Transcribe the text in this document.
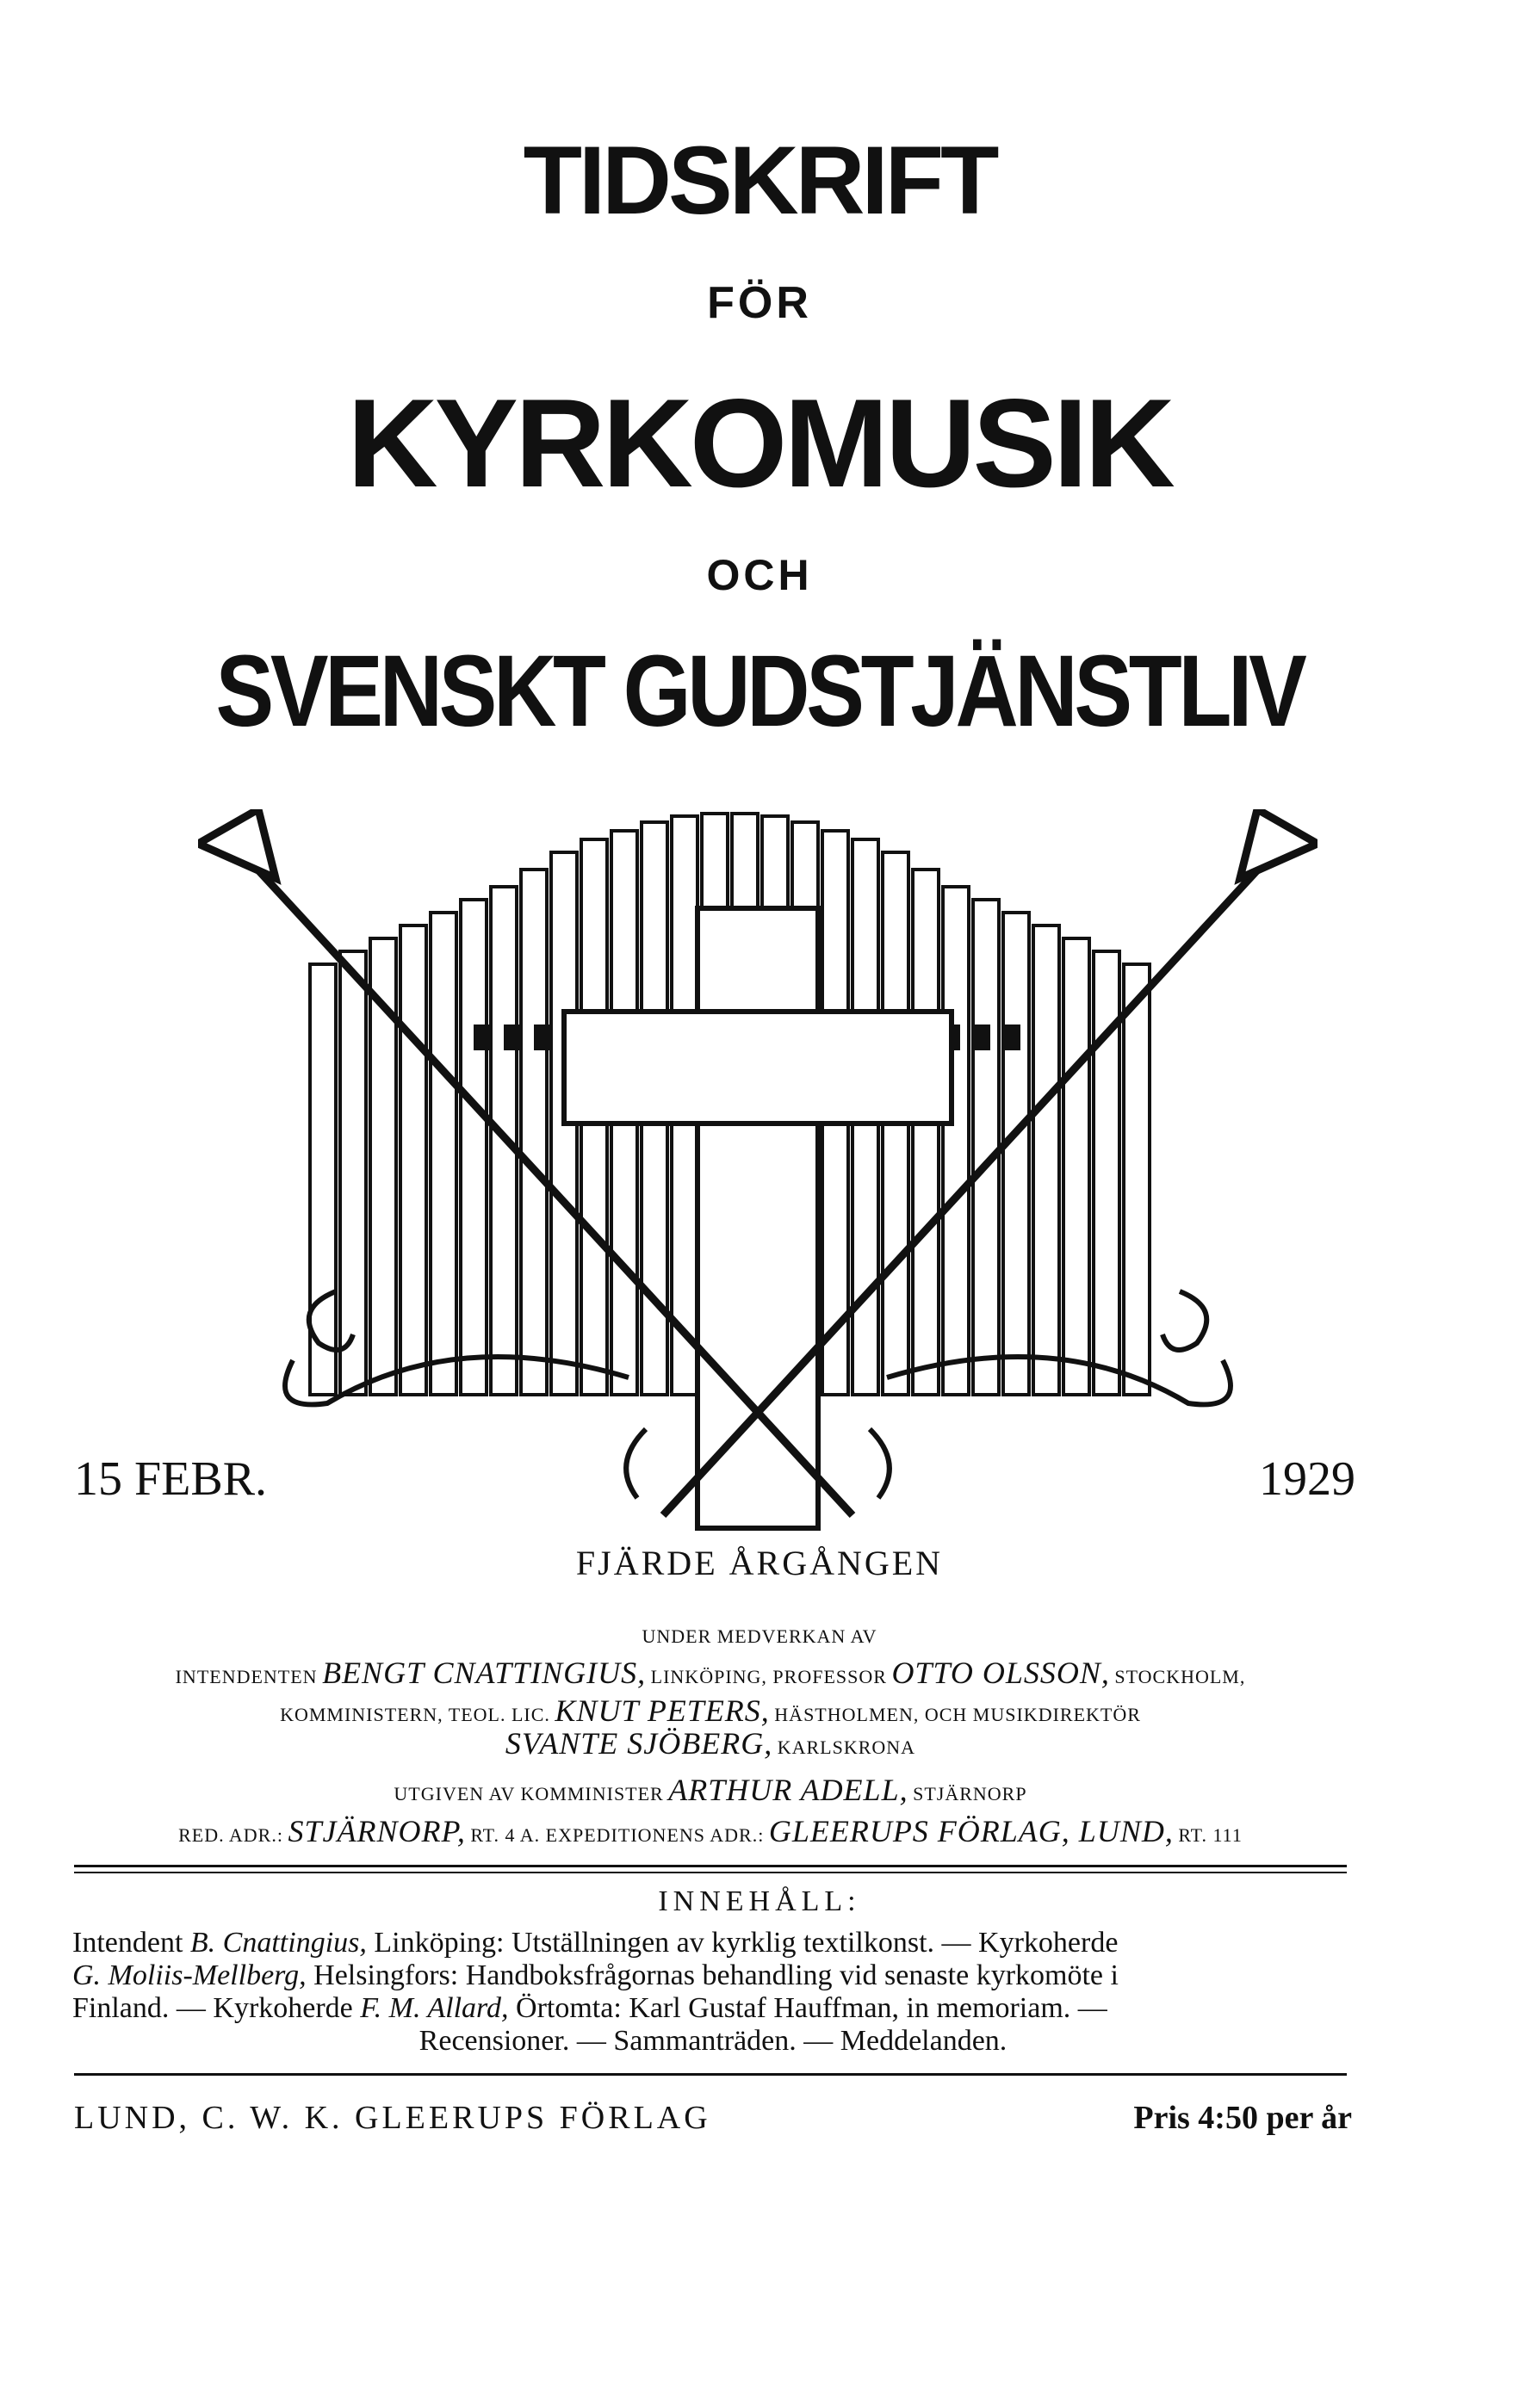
TIDSKRIFT
FÖR
KYRKOMUSIK
OCH
SVENSKT GUDSTJÄNSTLIV
15 FEBR.	1929
FJÄRDE ÅRGÅNGEN
UNDER MEDVERKAN AV
INTENDENTEN BENGT CNATTINGIUS, LINKÖPING, PROFESSOR OTTO OLSSON, STOCKHOLM,
KOMMINISTERN, TEOL. LIC. KNUT PETERS, HÄSTHOLMEN, OCH MUSIKDIREKTÖR
SVANTE SJÖBERG, KARLSKRONA
UTGIVEN AV KOMMINISTER ARTHUR ADELL, STJÄRNORP
RED. ADR.: STJÄRNORP, RT. 4 A. EXPEDITIONENS ADR.: GLEERUPS FÖRLAG, LUND, RT. 111
INNEHÅLL:
Intendent B. Cnattingius, Linköping: Utställningen av kyrklig textilkonst. — Kyrkoherde
G. Moliis-Mellberg, Helsingfors: Handboksfrågornas behandling vid senaste kyrkomöte i
Finland. — Kyrkoherde F. M. Allard, Örtomta: Karl Gustaf Hauffman, in memoriam. —
Recensioner. — Sammanträden. — Meddelanden.
LUND, C. W. K. GLEERUPS FÖRLAG	Pris 4:50 per år
